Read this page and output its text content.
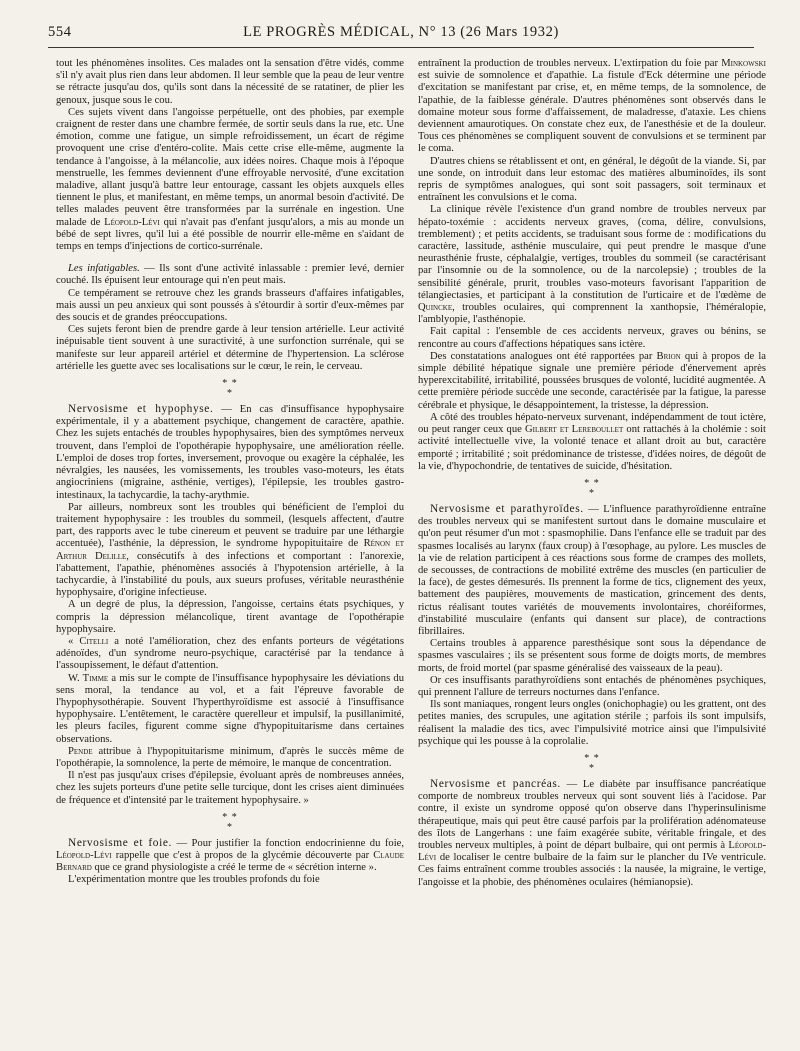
554	LE PROGRÈS MÉDICAL, N° 13 (26 Mars 1932)

tout les phénomènes insolites. Ces malades ont la sensation d'être vidés, comme s'il n'y avait plus rien dans leur abdomen. Il leur semble que la peau de leur ventre se rétracte jusqu'au dos, qu'ils sont dans la nécessité de se ratatiner, de plier les genoux, jusque sous le cou.

Ces sujets vivent dans l'angoisse perpétuelle, ont des phobies, par exemple craignent de rester dans une chambre fermée, de sortir seuls dans la rue, etc. Une émotion, comme une fatigue, un simple refroidissement, un écart de régime provoquent une crise d'entéro-colite. Mais cette crise elle-même, augmente la tendance à l'angoisse, à la mélancolie, aux idées noires. Chaque mois à l'époque menstruelle, les femmes deviennent d'une effroyable nervosité, d'une excitation maladive, allant jusqu'à battre leur entourage, cassant les objets auxquels elles tiennent le plus, et manifestant, en même temps, un anormal besoin d'activité. De telles malades peuvent être transformées par la surrénale en ingestion. Une malade de Léopold-Lévi qui n'avait pas d'enfant jusqu'alors, a mis au monde un bébé de sept livres, qu'il lui a été possible de nourrir elle-même en s'aidant de temps en temps d'injections de cortico-surrénale.

Les infatigables. — Ils sont d'une activité inlassable : premier levé, dernier couché. Ils épuisent leur entourage qui n'en peut mais.

Ce tempérament se retrouve chez les grands brasseurs d'affaires infatigables, mais aussi un peu anxieux qui sont poussés à s'étourdir à sortir d'eux-mêmes par des soucis et de grandes préoccupations.

Ces sujets feront bien de prendre garde à leur tension artérielle. Leur activité inépuisable tient souvent à une suractivité, à une surfonction surrénale, qui se manifeste sur leur appareil artériel et détermine de l'hypertension. La sclérose artérielle les guette avec ses localisations sur le cœur, le rein, le cerveau.

* *
*

Nervosisme et hypophyse. — En cas d'insuffisance hypophysaire expérimentale, il y a abattement psychique, changement de caractère, apathie. Chez les sujets entachés de troubles hypophysaires, bien des symptômes nerveux trouvent, dans l'emploi de l'opothérapie hypophysaire, une amélioration réelle. L'emploi de doses trop fortes, inversement, provoque ou exagère la céphalée, les névralgies, les nausées, les vomissements, les troubles vaso-moteurs, les états angiocriniens (migraine, asthénie, vertiges), l'épilepsie, les troubles gastro-intestinaux, la tachycardie, la tachy-arythmie.

Par ailleurs, nombreux sont les troubles qui bénéficient de l'emploi du traitement hypophysaire : les troubles du sommeil, (lesquels affectent, d'autre part, des rapports avec le tube cinereum et peuvent se traduire par une léthargie accentuée), l'asthénie, la dépression, le syndrome hypopituitaire de Rénon et Arthur Delille, consécutifs à des infections et comportant : l'anorexie, l'abattement, l'apathie, phénomènes associés à l'hypotension artérielle, à la tachycardie, à l'instabilité du pouls, aux sueurs profuses, véritable neurasthénie hypophysaire, d'origine infectieuse.

A un degré de plus, la dépression, l'angoisse, certains états psychiques, y compris la dépression mélancolique, tirent avantage de l'opothérapie hypophysaire.

« Citelli a noté l'amélioration, chez des enfants porteurs de végétations adénoïdes, d'un syndrome neuro-psychique, caractérisé par la tendance à l'assoupissement, le défaut d'attention.

W. Timme a mis sur le compte de l'insuffisance hypophysaire les déviations du sens moral, la tendance au vol, et a fait l'épreuve favorable de l'hypophysothérapie. Souvent l'hyperthyroïdisme est associé à l'insuffisance hypophysaire. L'entêtement, le caractère querelleur et impulsif, la pusillanimité, les pleurs faciles, figurent comme signe d'hypopituitarisme dans certaines observations.

Pende attribue à l'hypopituitarisme minimum, d'après le succès même de l'opothérapie, la somnolence, la perte de mémoire, le manque de concentration.

Il n'est pas jusqu'aux crises d'épilepsie, évoluant après de nombreuses années, chez les sujets porteurs d'une petite selle turcique, dont les crises aient diminuées de fréquence et d'intensité par le traitement hypophysaire. »

* *
*

Nervosisme et foie. — Pour justifier la fonction endocrinienne du foie, Léopold-Lévi rappelle que c'est à propos de la glycémie découverte par Claude Bernard que ce grand physiologiste a créé le terme de « sécrétion interne ».

L'expérimentation montre que les troubles profonds du foie

entraînent la production de troubles nerveux. L'extirpation du foie par Minkowski est suivie de somnolence et d'apathie. La fistule d'Eck détermine une période d'excitation se manifestant par crise, et, en même temps, de la somnolence, de l'apathie, de la faiblesse générale. D'autres phénomènes sont observés dans le domaine moteur sous forme d'affaissement, de maladresse, d'ataxie. Les chiens deviennent amaurotiques. On constate chez eux, de l'anesthésie et de la douleur. Tous ces phénomènes se compliquent souvent de convulsions et se terminent par le coma.

D'autres chiens se rétablissent et ont, en général, le dégoût de la viande. Si, par une sonde, on introduit dans leur estomac des matières albuminoïdes, ils sont repris de symptômes analogues, qui sont soit passagers, soit terminaux et entraînent les convulsions et le coma.

La clinique révèle l'existence d'un grand nombre de troubles nerveux par hépato-toxémie : accidents nerveux graves, (coma, délire, convulsions, tremblement) ; et petits accidents, se traduisant sous forme de : modifications du caractère, lassitude, asthénie musculaire, qui peut prendre le masque d'une neurasthénie fruste, céphalalgie, vertiges, troubles du sommeil (se caractérisant par l'insomnie ou de la somnolence, ou de la narcolepsie) ; troubles de la sensibilité générale, prurit, troubles vaso-moteurs favorisant l'apparition de télangiectasies, et participant à la constitution de l'urticaire et de l'œdème de Quincke, troubles oculaires, qui comprennent la xanthopsie, l'héméralopie, l'amblyopie, l'asthénopie.

Fait capital : l'ensemble de ces accidents nerveux, graves ou bénins, se rencontre au cours d'affections hépatiques sans ictère.

Des constatations analogues ont été rapportées par Brion qui à propos de la simple débilité hépatique signale une première période d'énervement après hyperexcitabilité, irritabilité, poussées brusques de volonté, lucidité augmentée. A cette première période succède une seconde, caractérisée par la fatigue, la paresse cérébrale et physique, le désappointement, la tristesse, la dépression.

A côté des troubles hépato-nerveux survenant, indépendamment de tout ictère, ou peut ranger ceux que Gilbert et Lereboullet ont rattachés à la cholémie : soit activité intellectuelle vive, la volonté tenace et allant droit au but, caractère emporté ; irritabilité ; soit prédominance de tristesse, d'idées noires, de dégoût de la vie, d'hypochondrie, de tentatives de suicide, d'hésitation.

* *
*

Nervosisme et parathyroïdes. — L'influence parathyroïdienne entraîne des troubles nerveux qui se manifestent surtout dans le domaine musculaire et qu'on peut résumer d'un mot : spasmophilie. Dans l'enfance elle se traduit par des spasmes localisés au larynx (faux croup) à l'œsophage, au pylore. Les muscles de la vie de relation participent à ces réactions sous forme de crampes des mollets, de secousses, de contractions de mobilité extrême des muscles (en particulier de la face), de gestes démesurés. Ils prennent la forme de tics, clignement des yeux, battement des paupières, mouvements de mastication, grincement des dents, rictus réalisant toutes variétés de mouvements involontaires, choréiformes, d'instabilité musculaire (enfants qui dansent sur place), de contractions fibrillaires.

Certains troubles à apparence paresthésique sont sous la dépendance de spasmes vasculaires ; ils se présentent sous forme de doigts morts, de membres morts, de froid mortel (par spasme généralisé des vaisseaux de la peau).

Or ces insuffisants parathyroïdiens sont entachés de phénomènes psychiques, qui prennent l'allure de terreurs nocturnes dans l'enfance.

Ils sont maniaques, rongent leurs ongles (onichophagie) ou les grattent, ont des petites manies, des scrupules, une agitation stérile ; parfois ils sont impulsifs, réalisent la maladie des tics, avec l'impulsivité motrice ainsi que l'impulsivité psychique qui les pousse à la coprolalie.

* *
*

Nervosisme et pancréas. — Le diabète par insuffisance pancréatique comporte de nombreux troubles nerveux qui sont souvent liés à l'acidose. Par contre, il existe un syndrome opposé qu'on observe dans l'hyperinsulinisme thérapeutique, mais qui peut être causé parfois par la prolifération adénomateuse des îlots de Langerhans : une faim exagérée subite, véritable fringale, et des troubles nerveux multiples, à point de départ bulbaire, qui ont permis à Léopold-Lévi de localiser le centre bulbaire de la faim sur le plancher du IVe ventricule. Ces faims entraînent comme troubles associés : la nausée, la migraine, le vertige, l'angoisse et la phobie, des phénomènes oculaires (hémianopsie).
